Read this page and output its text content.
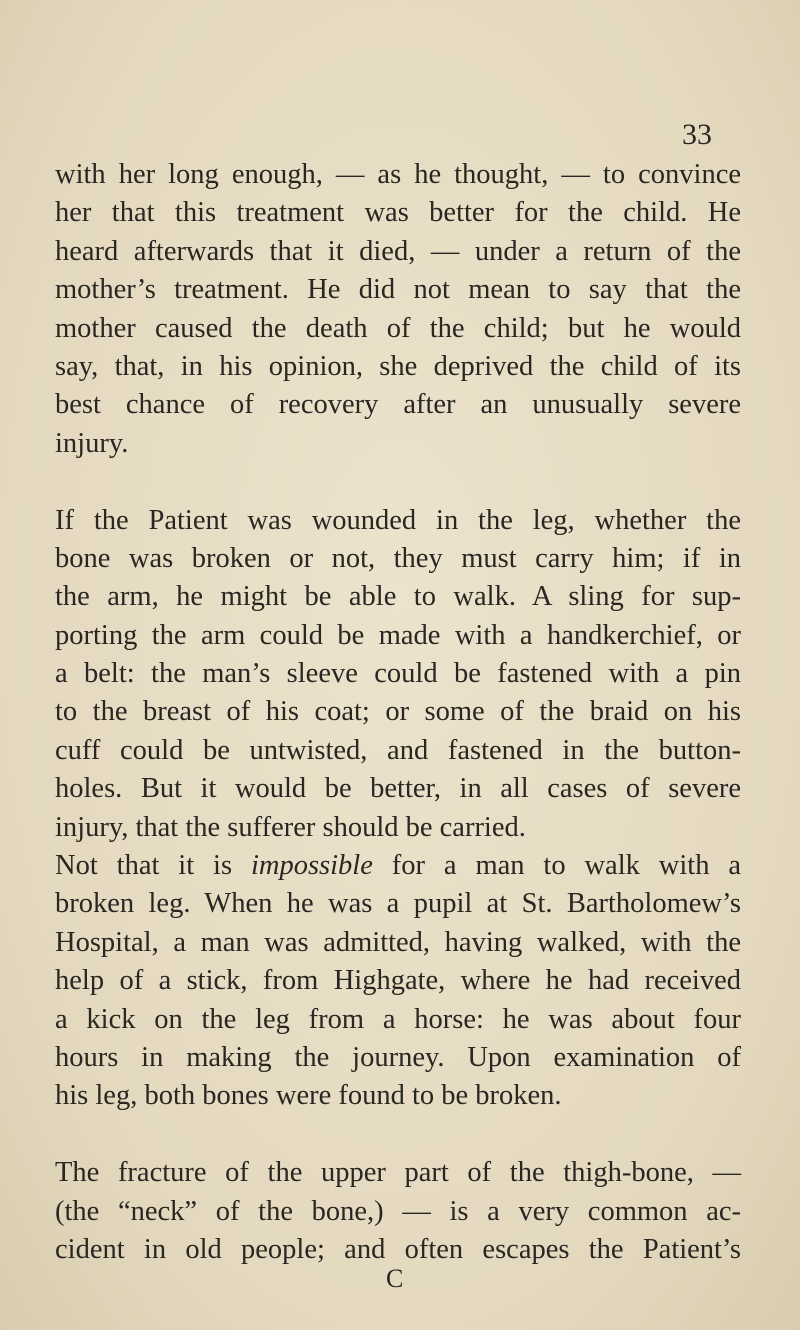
33
with her long enough, — as he thought, — to convince
her that this treatment was better for the child. He
heard afterwards that it died, — under a return of the
mother’s treatment. He did not mean to say that the
mother caused the death of the child; but he would
say, that, in his opinion, she deprived the child of its
best chance of recovery after an unusually severe
injury.
If the Patient was wounded in the leg, whether the
bone was broken or not, they must carry him; if in
the arm, he might be able to walk. A sling for sup-
porting the arm could be made with a handkerchief, or
a belt: the man’s sleeve could be fastened with a pin
to the breast of his coat; or some of the braid on his
cuff could be untwisted, and fastened in the button-
holes. But it would be better, in all cases of severe
injury, that the sufferer should be carried.
Not that it is impossible for a man to walk with a
broken leg. When he was a pupil at St. Bartholomew’s
Hospital, a man was admitted, having walked, with the
help of a stick, from Highgate, where he had received
a kick on the leg from a horse: he was about four
hours in making the journey. Upon examination of
his leg, both bones were found to be broken.
The fracture of the upper part of the thigh-bone, —
(the “neck” of the bone,) — is a very common ac-
cident in old people; and often escapes the Patient’s
C
